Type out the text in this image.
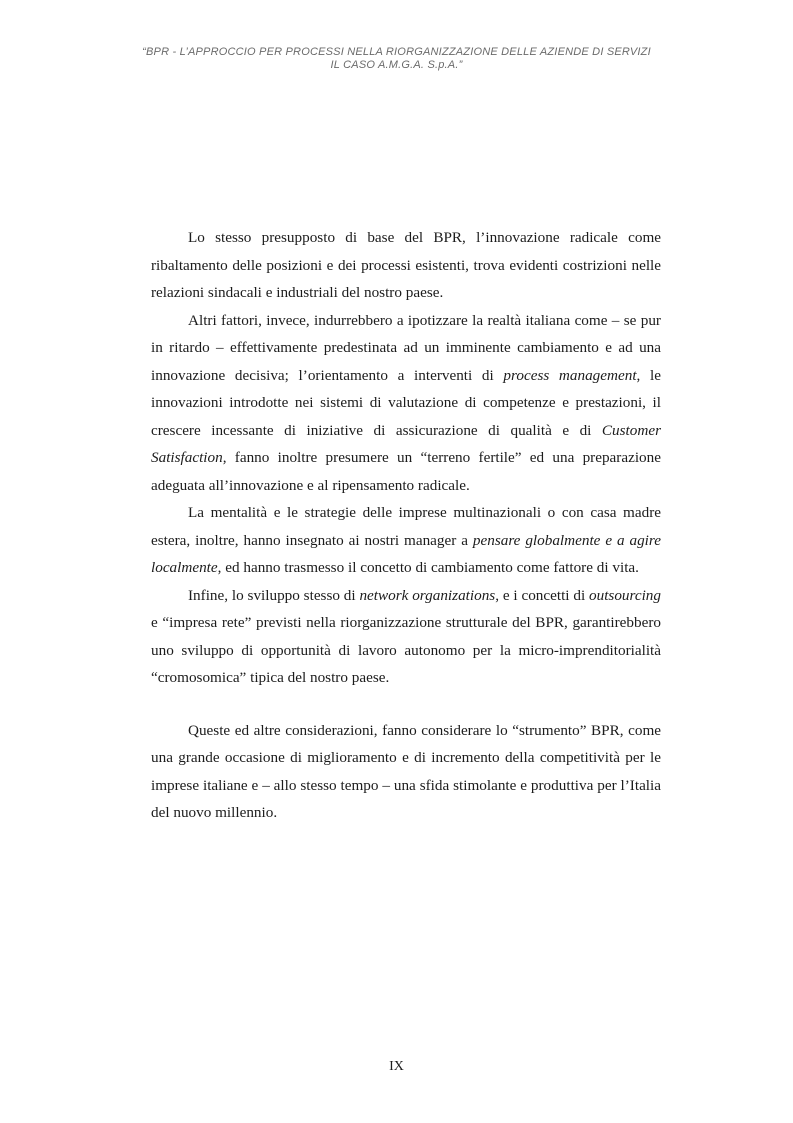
“BPR - L’APPROCCIO PER PROCESSI NELLA RIORGANIZZAZIONE DELLE AZIENDE DI SERVIZI
IL CASO A.M.G.A. S.p.A.”

Lo stesso presupposto di base del BPR, l’innovazione radicale come ribaltamento delle posizioni e dei processi esistenti, trova evidenti costrizioni nelle relazioni sindacali e industriali del nostro paese.

Altri fattori, invece, indurrebbero a ipotizzare la realtà italiana come – se pur in ritardo – effettivamente predestinata ad un imminente cambiamento e ad una innovazione decisiva; l’orientamento a interventi di process management, le innovazioni introdotte nei sistemi di valutazione di competenze e prestazioni, il crescere incessante di iniziative di assicurazione di qualità e di Customer Satisfaction, fanno inoltre presumere un “terreno fertile” ed una preparazione adeguata all’innovazione e al ripensamento radicale.

La mentalità e le strategie delle imprese multinazionali o con casa madre estera, inoltre, hanno insegnato ai nostri manager a pensare globalmente e a agire localmente, ed hanno trasmesso il concetto di cambiamento come fattore di vita.

Infine, lo sviluppo stesso di network organizations, e i concetti di outsourcing e “impresa rete” previsti nella riorganizzazione strutturale del BPR, garantirebbero uno sviluppo di opportunità di lavoro autonomo per la micro-imprenditorialità “cromosomica” tipica del nostro paese.

Queste ed altre considerazioni, fanno considerare lo “strumento” BPR, come una grande occasione di miglioramento e di incremento della competitività per le imprese italiane e – allo stesso tempo – una sfida stimolante e produttiva per l’Italia del nuovo millennio.

IX
